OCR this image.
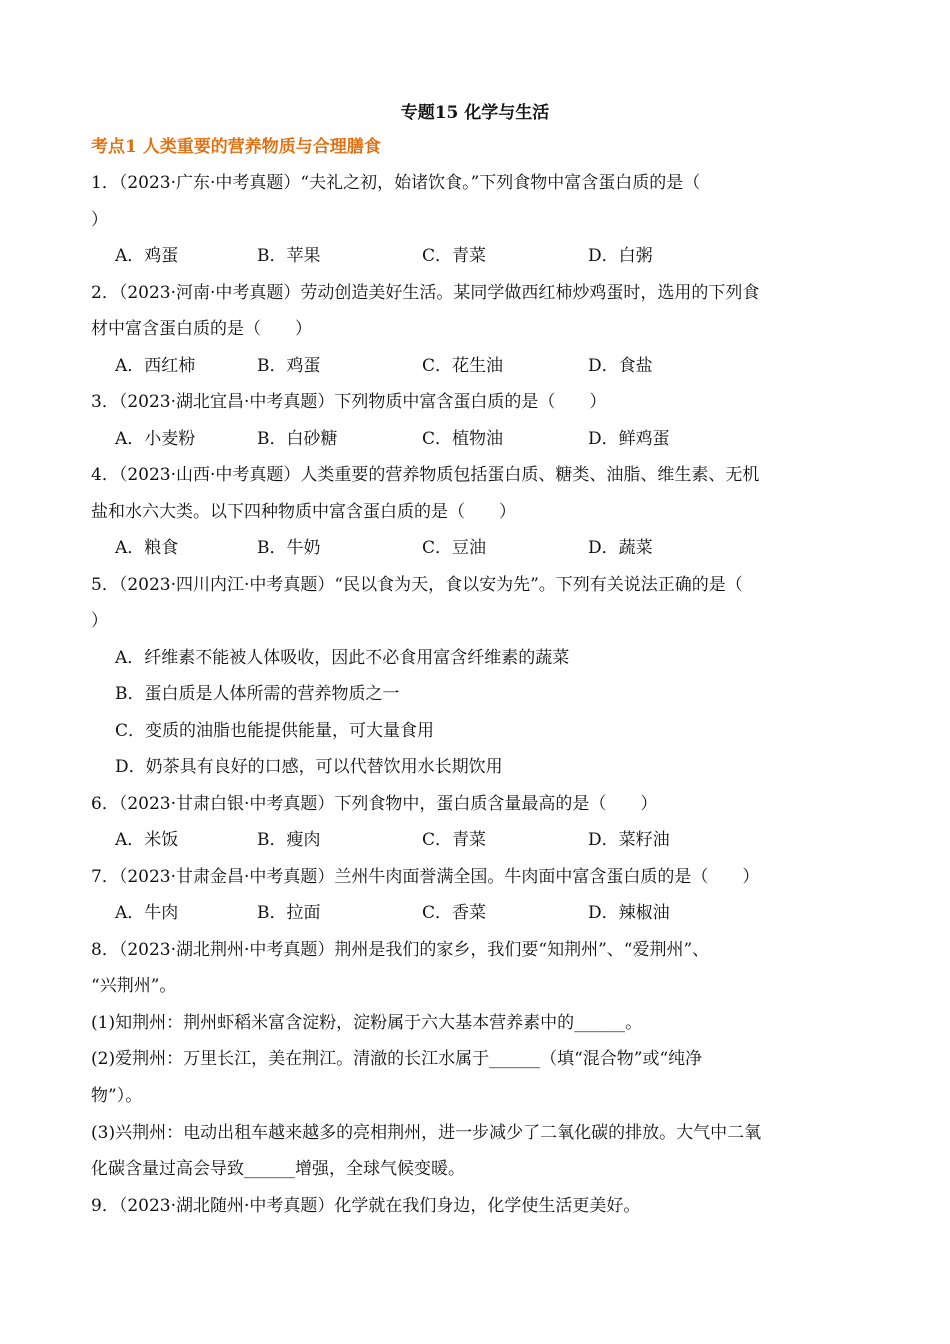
专题15 化学与生活
考点1 人类重要的营养物质与合理膳食
1．（2023·广东·中考真题）“夫礼之初，始诸饮食。”下列食物中富含蛋白质的是（
）
A．鸡蛋	B．苹果	C．青菜	D．白粥
2．（2023·河南·中考真题）劳动创造美好生活。某同学做西红柿炒鸡蛋时，选用的下列食
材中富含蛋白质的是（　　）
A．西红柿	B．鸡蛋	C．花生油	D．食盐
3．（2023·湖北宜昌·中考真题）下列物质中富含蛋白质的是（　　）
A．小麦粉	B．白砂糖	C．植物油	D．鲜鸡蛋
4．（2023·山西·中考真题）人类重要的营养物质包括蛋白质、糖类、油脂、维生素、无机
盐和水六大类。以下四种物质中富含蛋白质的是（　　）
A．粮食	B．牛奶	C．豆油	D．蔬菜
5．（2023·四川内江·中考真题）“民以食为天，食以安为先”。下列有关说法正确的是（
）
A．纤维素不能被人体吸收，因此不必食用富含纤维素的蔬菜
B．蛋白质是人体所需的营养物质之一
C．变质的油脂也能提供能量，可大量食用
D．奶茶具有良好的口感，可以代替饮用水长期饮用
6．（2023·甘肃白银·中考真题）下列食物中，蛋白质含量最高的是（　　）
A．米饭	B．瘦肉	C．青菜	D．菜籽油
7．（2023·甘肃金昌·中考真题）兰州牛肉面誉满全国。牛肉面中富含蛋白质的是（　　）
A．牛肉	B．拉面	C．香菜	D．辣椒油
8．（2023·湖北荆州·中考真题）荆州是我们的家乡，我们要“知荆州”、“爱荆州”、
“兴荆州”。
(1)知荆州：荆州虾稻米富含淀粉，淀粉属于六大基本营养素中的______。
(2)爱荆州：万里长江，美在荆江。清澈的长江水属于______（填“混合物”或“纯净
物”）。
(3)兴荆州：电动出租车越来越多的亮相荆州，进一步减少了二氧化碳的排放。大气中二氧
化碳含量过高会导致______增强，全球气候变暖。
9．（2023·湖北随州·中考真题）化学就在我们身边，化学使生活更美好。
